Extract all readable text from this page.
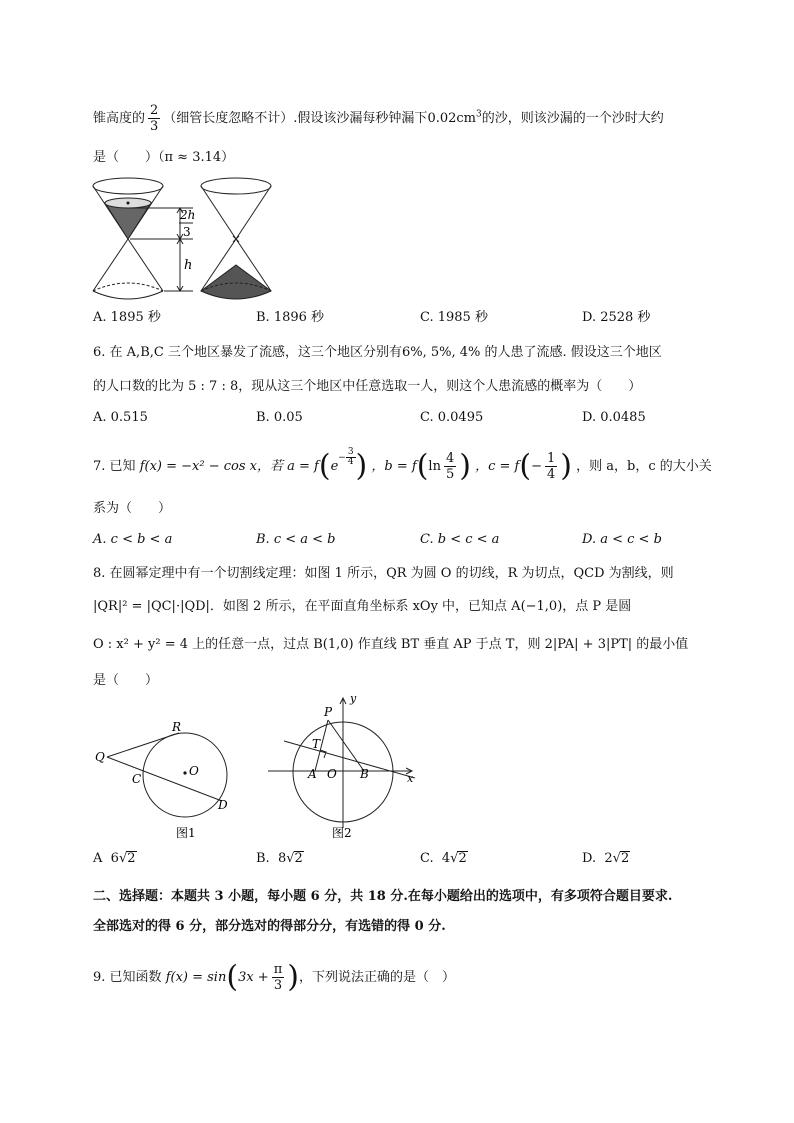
锥高度的 $\frac{2}{3}$ （细管长度忽略不计）.假设该沙漏每秒钟漏下$0.02cm^3$的沙，则该沙漏的一个沙时大约
是（　　）（π ≈ 3.14）
2h
3
h
A. 1895 秒	B. 1896 秒	C. 1985 秒	D. 2528 秒
6. 在 A,B,C 三个地区暴发了流感，这三个地区分别有6%, 5%, 4% 的人患了流感. 假设这三个地区
的人口数的比为 5 : 7 : 8，现从这三个地区中任意选取一人，则这个人患流感的概率为（　　）
A. 0.515	B. 0.05	C. 0.0495	D. 0.0485
7. 已知 f(x) = −x² − cos x，若 $a = f(e^{- \frac{3}{4}}$ ) ，$b = f(\ln \frac{4}{5}$ ) ，$c = f(- \frac{1}{4}$ ) ，则 a，b，c 的大小关
系为（　　）
A. c < b < a	B. c < a < b	C. b < c < a	D. a < c < b
8. 在圆幂定理中有一个切割线定理：如图 1 所示，QR 为圆 O 的切线，R 为切点，QCD 为割线，则
|QR|² = |QC|·|QD|．如图 2 所示，在平面直角坐标系 xOy 中，已知点 A(−1,0)，点 P 是圆
O : x² + y² = 4 上的任意一点，过点 B(1,0) 作直线 BT 垂直 AP 于点 T，则 2|PA| + 3|PT| 的最小值
是（　　）
Q
R
C
O
D
图1
y
x
P
T
A O B
图2
A 6√2	B. 8√2	C. 4√2	D. 2√2
二、选择题：本题共 3 小题，每小题 6 分，共 18 分.在每小题给出的选项中，有多项符合题目要求.
全部选对的得 6 分，部分选对的得部分分，有选错的得 0 分.
9. 已知函数 $f(x) = \sin(3x + \frac{\pi}{3}$ )，下列说法正确的是（　）
